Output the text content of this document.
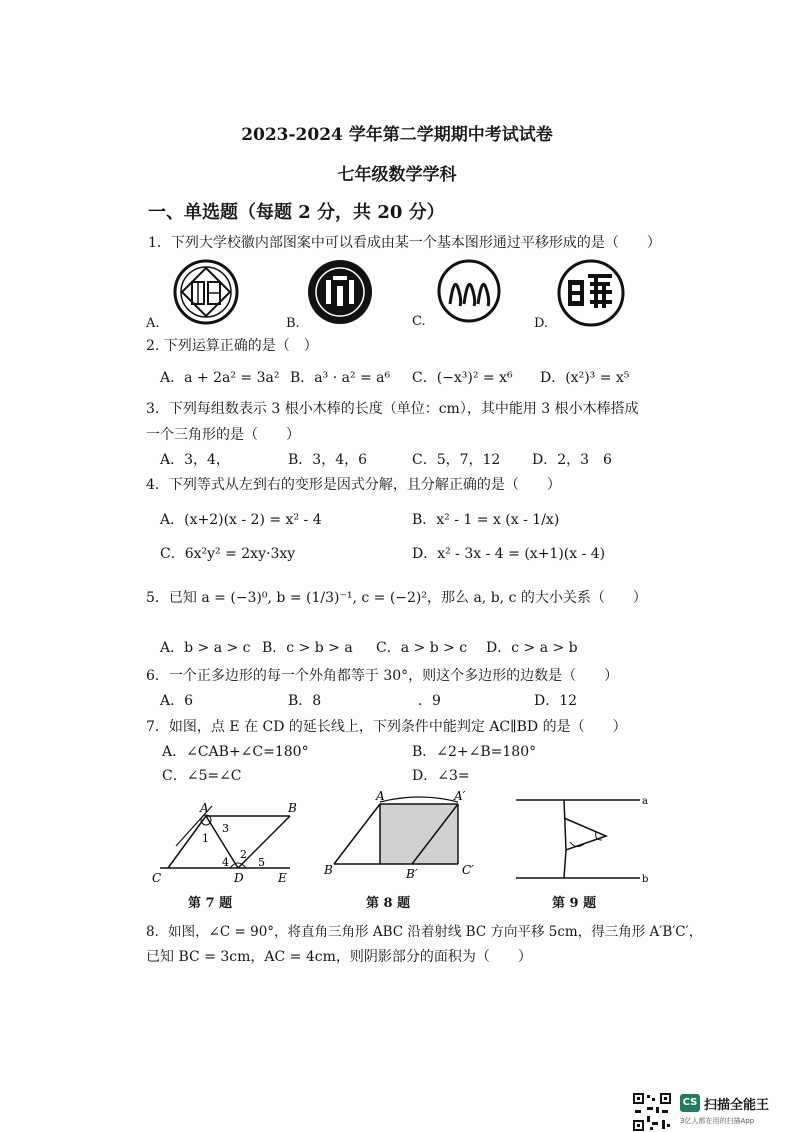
2023-2024 学年第二学期期中考试试卷
七年级数学学科
一、单选题（每题 2 分，共 20 分）
1．下列大学校徽内部图案中可以看成由某一个基本图形通过平移形成的是（　　）
A.	B.	C.	D.
2. 下列运算正确的是（　）
A．a + 2a² = 3a² B．a³ · a² = a⁶ C．(−x³)² = x⁶ D．(x²)³ = x⁵
3．下列每组数表示 3 根小木棒的长度（单位：cm），其中能用 3 根小木棒搭成
一个三角形的是（　　）
A．3，4，	B．3，4，6	C．5，7，12 D．2，3　6
4．下列等式从左到右的变形是因式分解，且分解正确的是（　　）
A．(x+2)(x - 2) = x² - 4	B．x² - 1 = x (x - 1/x)
C．6x²y² = 2xy·3xy	D．x² - 3x - 4 = (x+1)(x - 4)
5．已知 a = (−3)⁰, b = (1/3)⁻¹, c = (−2)²，那么 a, b, c 的大小关系（　　）
A．b > a > c B．c > b > a C．a > b > c D．c > a > b
6．一个正多边形的每一个外角都等于 30°，则这个多边形的边数是（　　）
A．6	B．8	．9	D．12
7．如图，点 E 在 CD 的延长线上，下列条件中能判定 AC∥BD 的是（　　）
A．∠CAB+∠C=180°	B．∠2+∠B=180°
C．∠5=∠C	D．∠3=
A	B
C	D	E
1
2
3
4	5
第 7 题
A	A′
B	B′	C′
第 8 题
a
b
第 9 题
8．如图，∠C = 90°，将直角三角形 ABC 沿着射线 BC 方向平移 5cm，得三角形 A′B′C′，
已知 BC = 3cm，AC = 4cm，则阴影部分的面积为（　　）
CS 扫描全能王
3亿人都在用的扫描App
